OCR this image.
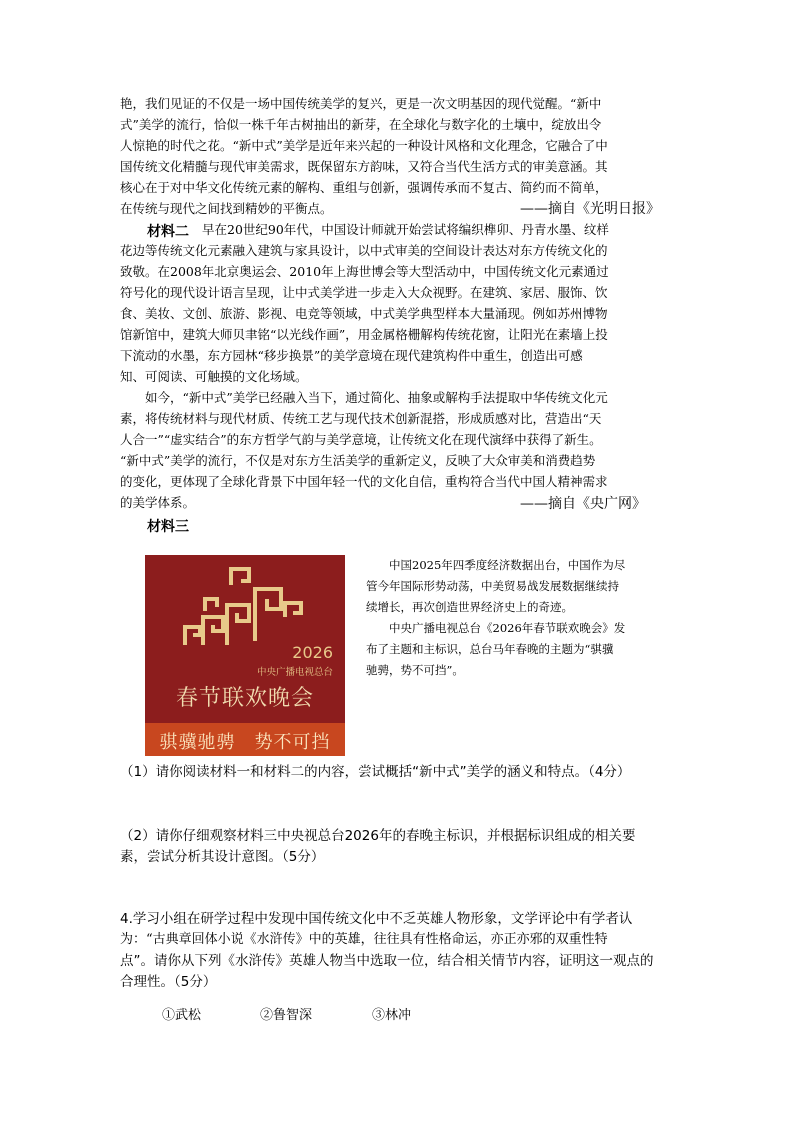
艳，我们见证的不仅是一场中国传统美学的复兴，更是一次文明基因的现代觉醒。“新中
式”美学的流行，恰似一株千年古树抽出的新芽，在全球化与数字化的土壤中，绽放出令
人惊艳的时代之花。“新中式”美学是近年来兴起的一种设计风格和文化理念，它融合了中
国传统文化精髓与现代审美需求，既保留东方韵味，又符合当代生活方式的审美意涵。其
核心在于对中华文化传统元素的解构、重组与创新，强调传承而不复古、简约而不简单，
在传统与现代之间找到精妙的平衡点。	——摘自《光明日报》
材料二 早在20世纪90年代，中国设计师就开始尝试将编织榫卯、丹青水墨、纹样
花边等传统文化元素融入建筑与家具设计，以中式审美的空间设计表达对东方传统文化的
致敬。在2008年北京奥运会、2010年上海世博会等大型活动中，中国传统文化元素通过
符号化的现代设计语言呈现，让中式美学进一步走入大众视野。在建筑、家居、服饰、饮
食、美妆、文创、旅游、影视、电竞等领域，中式美学典型样本大量涌现。例如苏州博物
馆新馆中，建筑大师贝聿铭“以光线作画”，用金属格栅解构传统花窗，让阳光在素墙上投
下流动的水墨，东方园林“移步换景”的美学意境在现代建筑构件中重生，创造出可感
知、可阅读、可触摸的文化场域。
　　如今，“新中式”美学已经融入当下，通过简化、抽象或解构手法提取中华传统文化元
素，将传统材料与现代材质、传统工艺与现代技术创新混搭，形成质感对比，营造出“天
人合一”“虚实结合”的东方哲学气韵与美学意境，让传统文化在现代演绎中获得了新生。
“新中式”美学的流行，不仅是对东方生活美学的重新定义，反映了大众审美和消费趋势
的变化，更体现了全球化背景下中国年轻一代的文化自信，重构符合当代中国人精神需求
的美学体系。	——摘自《央广网》
材料三
2026
中央广播电视总台
春节联欢晚会
骐骥驰骋　势不可挡
　　中国2025年四季度经济数据出台，中国作为尽
管今年国际形势动荡，中美贸易战发展数据继续持
续增长，再次创造世界经济史上的奇迹。
　　中央广播电视总台《2026年春节联欢晚会》发
布了主题和主标识，总台马年春晚的主题为“骐骥
驰骋，势不可挡”。
（1）请你阅读材料一和材料二的内容，尝试概括“新中式”美学的涵义和特点。（4分）
（2）请你仔细观察材料三中央视总台2026年的春晚主标识，并根据标识组成的相关要
素，尝试分析其设计意图。（5分）
4.学习小组在研学过程中发现中国传统文化中不乏英雄人物形象，文学评论中有学者认
为：“古典章回体小说《水浒传》中的英雄，往往具有性格命运，亦正亦邪的双重性特
点”。请你从下列《水浒传》英雄人物当中选取一位，结合相关情节内容，证明这一观点的
合理性。（5分）
①武松	②鲁智深	③林冲
